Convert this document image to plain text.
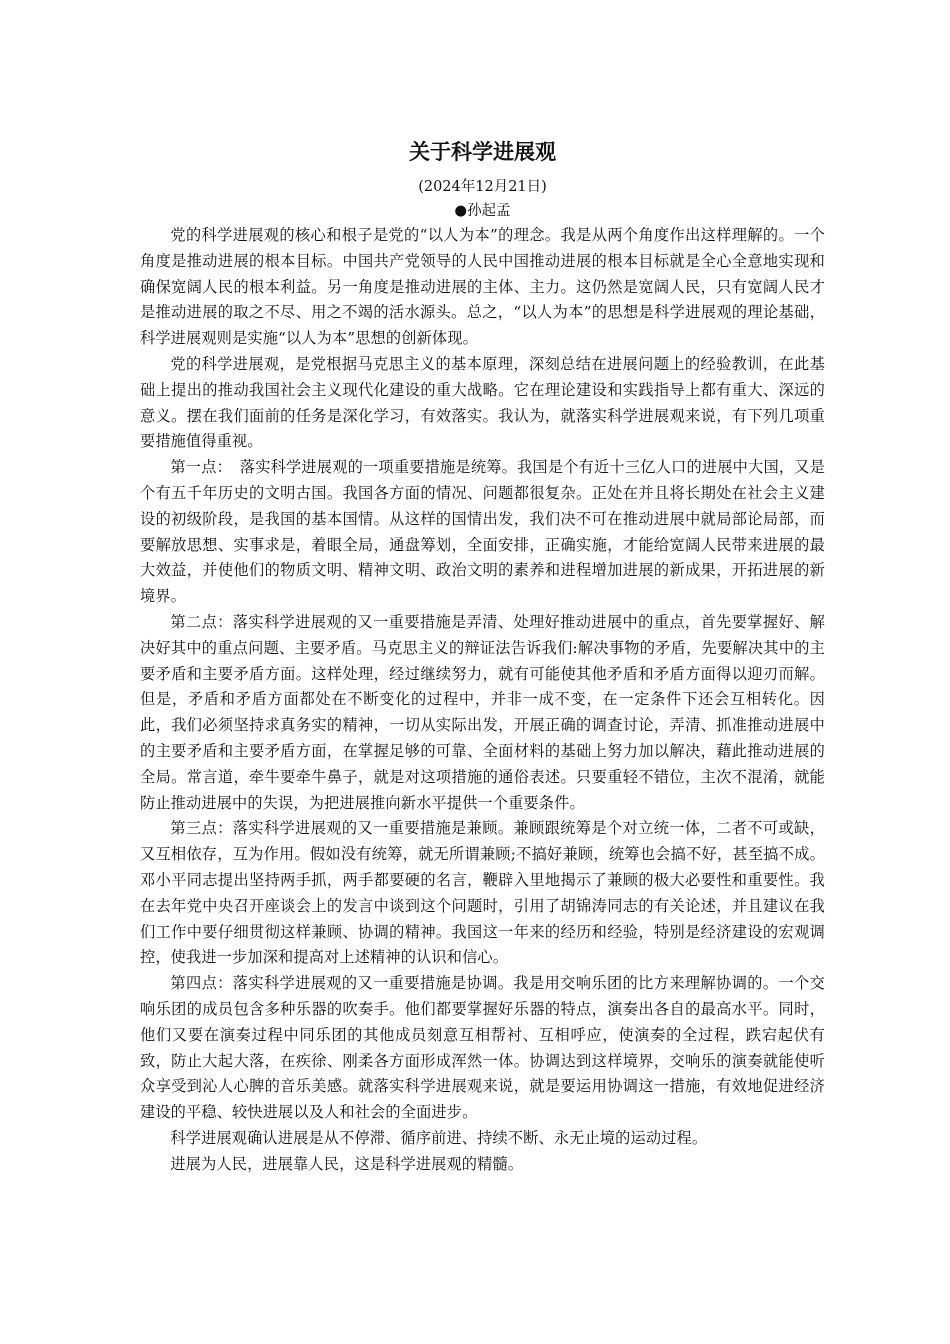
关于科学进展观

(2024年12月21日)

●孙起孟

党的科学进展观的核心和根子是党的“以人为本”的理念。我是从两个角度作出这样理解的。一个角度是推动进展的根本目标。中国共产党领导的人民中国推动进展的根本目标就是全心全意地实现和确保宽阔人民的根本利益。另一角度是推动进展的主体、主力。这仍然是宽阔人民，只有宽阔人民才是推动进展的取之不尽、用之不竭的活水源头。总之，“以人为本”的思想是科学进展观的理论基础，科学进展观则是实施“以人为本”思想的创新体现。

党的科学进展观，是党根据马克思主义的基本原理，深刻总结在进展问题上的经验教训，在此基础上提出的推动我国社会主义现代化建设的重大战略。它在理论建设和实践指导上都有重大、深远的意义。摆在我们面前的任务是深化学习，有效落实。我认为，就落实科学进展观来说，有下列几项重要措施值得重视。

第一点：　落实科学进展观的一项重要措施是统筹。我国是个有近十三亿人口的进展中大国，又是个有五千年历史的文明古国。我国各方面的情况、问题都很复杂。正处在并且将长期处在社会主义建设的初级阶段，是我国的基本国情。从这样的国情出发，我们决不可在推动进展中就局部论局部，而要解放思想、实事求是，着眼全局，通盘筹划，全面安排，正确实施，才能给宽阔人民带来进展的最大效益，并使他们的物质文明、精神文明、政治文明的素养和进程增加进展的新成果，开拓进展的新境界。

第二点：落实科学进展观的又一重要措施是弄清、处理好推动进展中的重点，首先要掌握好、解决好其中的重点问题、主要矛盾。马克思主义的辩证法告诉我们:解决事物的矛盾，先要解决其中的主要矛盾和主要矛盾方面。这样处理，经过继续努力，就有可能使其他矛盾和矛盾方面得以迎刃而解。但是，矛盾和矛盾方面都处在不断变化的过程中，并非一成不变，在一定条件下还会互相转化。因此，我们必须坚持求真务实的精神，一切从实际出发，开展正确的调查讨论，弄清、抓准推动进展中的主要矛盾和主要矛盾方面，在掌握足够的可靠、全面材料的基础上努力加以解决，藉此推动进展的全局。常言道，牵牛要牵牛鼻子，就是对这项措施的通俗表述。只要重轻不错位，主次不混淆，就能防止推动进展中的失误，为把进展推向新水平提供一个重要条件。

第三点：落实科学进展观的又一重要措施是兼顾。兼顾跟统筹是个对立统一体，二者不可或缺，又互相依存，互为作用。假如没有统筹，就无所谓兼顾;不搞好兼顾，统筹也会搞不好，甚至搞不成。邓小平同志提出坚持两手抓，两手都要硬的名言，鞭辟入里地揭示了兼顾的极大必要性和重要性。我在去年党中央召开座谈会上的发言中谈到这个问题时，引用了胡锦涛同志的有关论述，并且建议在我们工作中要仔细贯彻这样兼顾、协调的精神。我国这一年来的经历和经验，特别是经济建设的宏观调控，使我进一步加深和提高对上述精神的认识和信心。

第四点：落实科学进展观的又一重要措施是协调。我是用交响乐团的比方来理解协调的。一个交响乐团的成员包含多种乐器的吹奏手。他们都要掌握好乐器的特点，演奏出各自的最高水平。同时，他们又要在演奏过程中同乐团的其他成员刻意互相帮衬、互相呼应，使演奏的全过程，跌宕起伏有致，防止大起大落，在疾徐、刚柔各方面形成浑然一体。协调达到这样境界，交响乐的演奏就能使听众享受到沁人心脾的音乐美感。就落实科学进展观来说，就是要运用协调这一措施，有效地促进经济建设的平稳、较快进展以及人和社会的全面进步。

科学进展观确认进展是从不停滞、循序前进、持续不断、永无止境的运动过程。

进展为人民，进展靠人民，这是科学进展观的精髓。
